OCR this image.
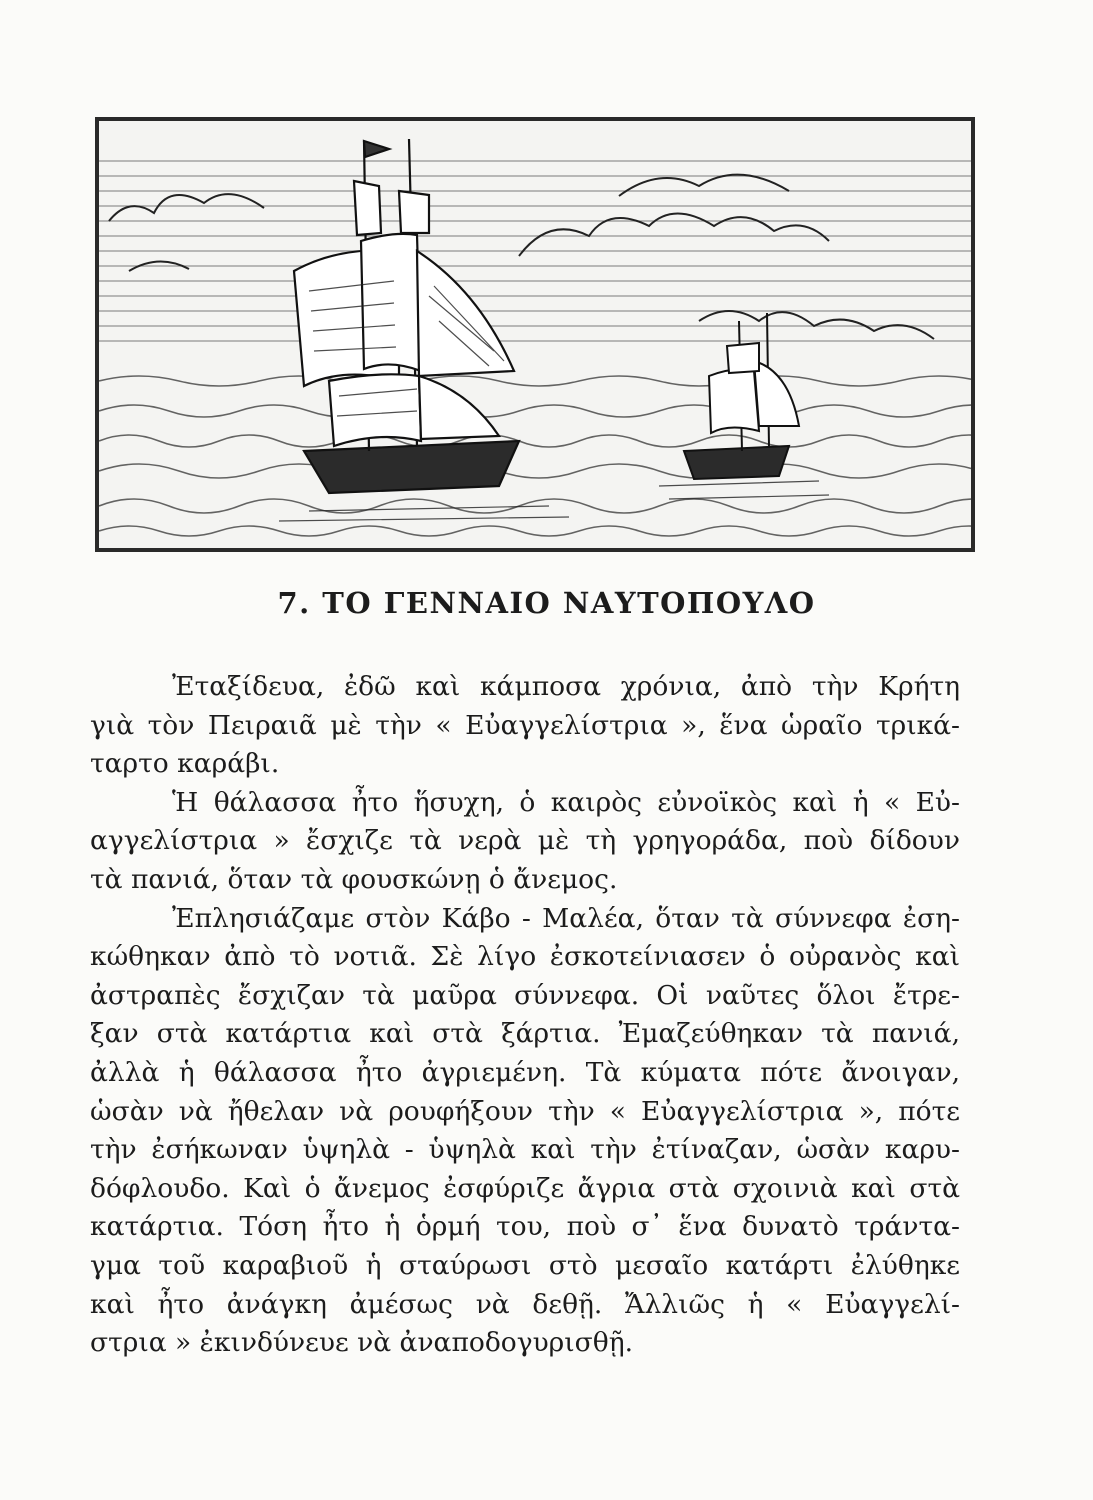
7. ΤΟ ΓΕΝΝΑΙΟ ΝΑΥΤΟΠΟΥΛΟ
Ἐταξίδευα, ἐδῶ καὶ κάμποσα χρόνια, ἀπὸ τὴν Κρήτη
γιὰ τὸν Πειραιᾶ μὲ τὴν « Εὐαγγελίστρια », ἕνα ὡραῖο τρικά-
ταρτο καράβι.
Ἡ θάλασσα ἦτο ἥσυχη, ὁ καιρὸς εὐνοϊκὸς καὶ ἡ « Εὐ-
αγγελίστρια » ἔσχιζε τὰ νερὰ μὲ τὴ γρηγοράδα, ποὺ δίδουν
τὰ πανιά, ὅταν τὰ φουσκώνῃ ὁ ἄνεμος.
Ἐπλησιάζαμε στὸν Κάβο - Μαλέα, ὅταν τὰ σύννεφα ἐση-
κώθηκαν ἀπὸ τὸ νοτιᾶ. Σὲ λίγο ἐσκοτείνιασεν ὁ οὐρανὸς καὶ
ἀστραπὲς ἔσχιζαν τὰ μαῦρα σύννεφα. Οἱ ναῦτες ὅλοι ἔτρε-
ξαν στὰ κατάρτια καὶ στὰ ξάρτια. Ἐμαζεύθηκαν τὰ πανιά,
ἀλλὰ ἡ θάλασσα ἦτο ἀγριεμένη. Τὰ κύματα πότε ἄνοιγαν,
ὡσὰν νὰ ἤθελαν νὰ ρουφήξουν τὴν « Εὐαγγελίστρια », πότε
τὴν ἐσήκωναν ὑψηλὰ - ὑψηλὰ καὶ τὴν ἐτίναζαν, ὡσὰν καρυ-
δόφλουδο. Καὶ ὁ ἄνεμος ἐσφύριζε ἄγρια στὰ σχοινιὰ καὶ στὰ
κατάρτια. Τόση ἦτο ἡ ὁρμή του, ποὺ σ᾽ ἕνα δυνατὸ τράντα-
γμα τοῦ καραβιοῦ ἡ σταύρωσι στὸ μεσαῖο κατάρτι ἐλύθηκε
καὶ ἦτο ἀνάγκη ἀμέσως νὰ δεθῇ. Ἄλλιῶς ἡ « Εὐαγγελί-
στρια » ἐκινδύνευε νὰ ἀναποδογυρισθῇ.
